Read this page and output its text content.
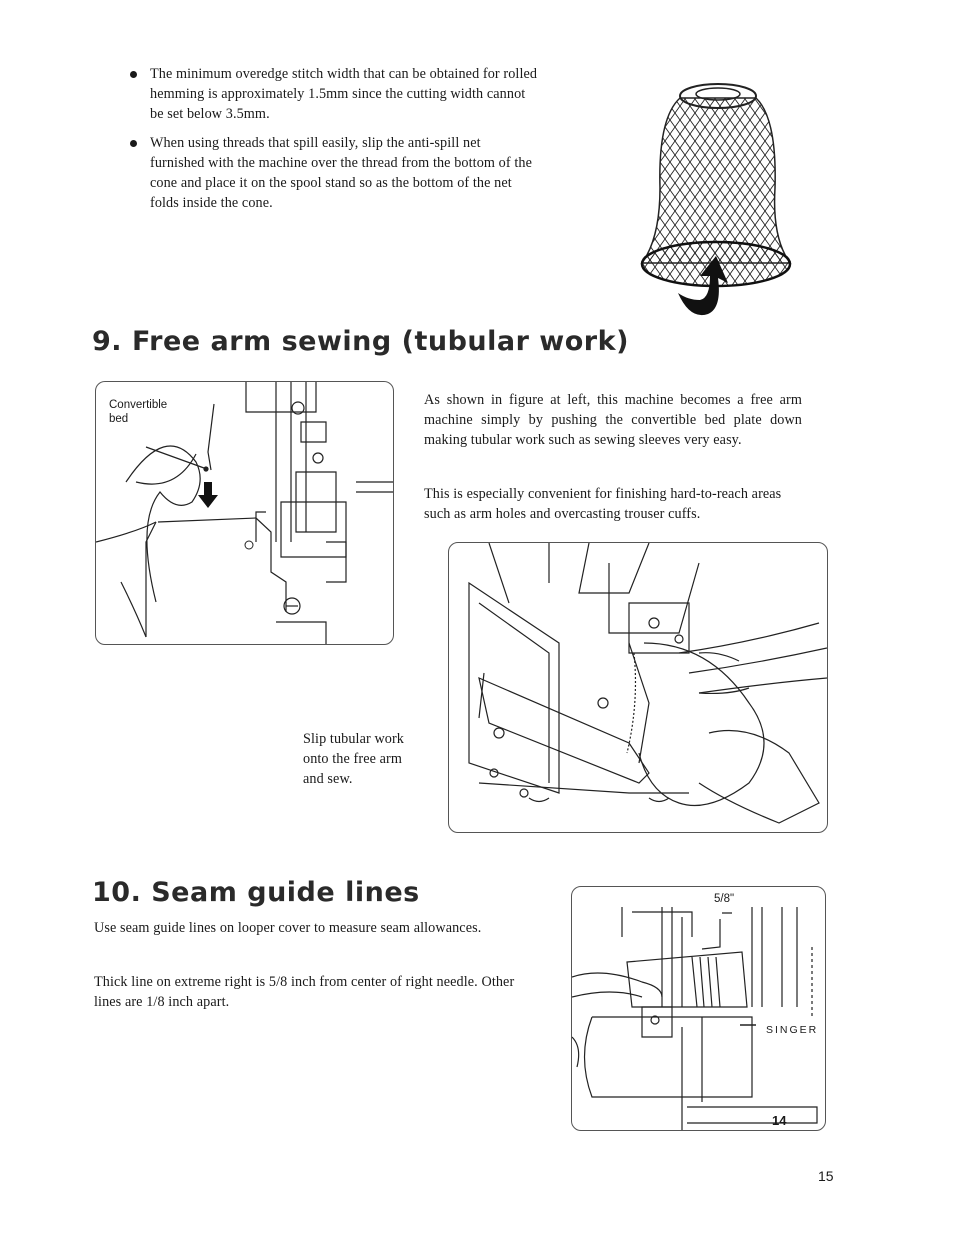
The minimum overedge stitch width that can be obtained for rolled hemming is approximately 1.5mm since the cutting width cannot be set below 3.5mm.
When using threads that spill easily, slip the anti-spill net furnished with the machine over the thread from the bottom of the cone and place it on the spool stand so as the bottom of the net folds inside the cone.
9. Free arm sewing (tubular work)
Convertible
bed

As shown in figure at left, this machine becomes a free arm machine simply by pushing the convertible bed plate down making tubular work such as sewing sleeves very easy.

This is especially convenient for finishing hard-to-reach areas such as arm holes and overcasting trouser cuffs.

Slip tubular work
onto the free arm
and sew.
10. Seam guide lines

Use seam guide lines on looper cover to measure seam allowances.

Thick line on extreme right is 5/8 inch from center of right needle. Other lines are 1/8 inch apart.

5/8"
SINGER
14
15
